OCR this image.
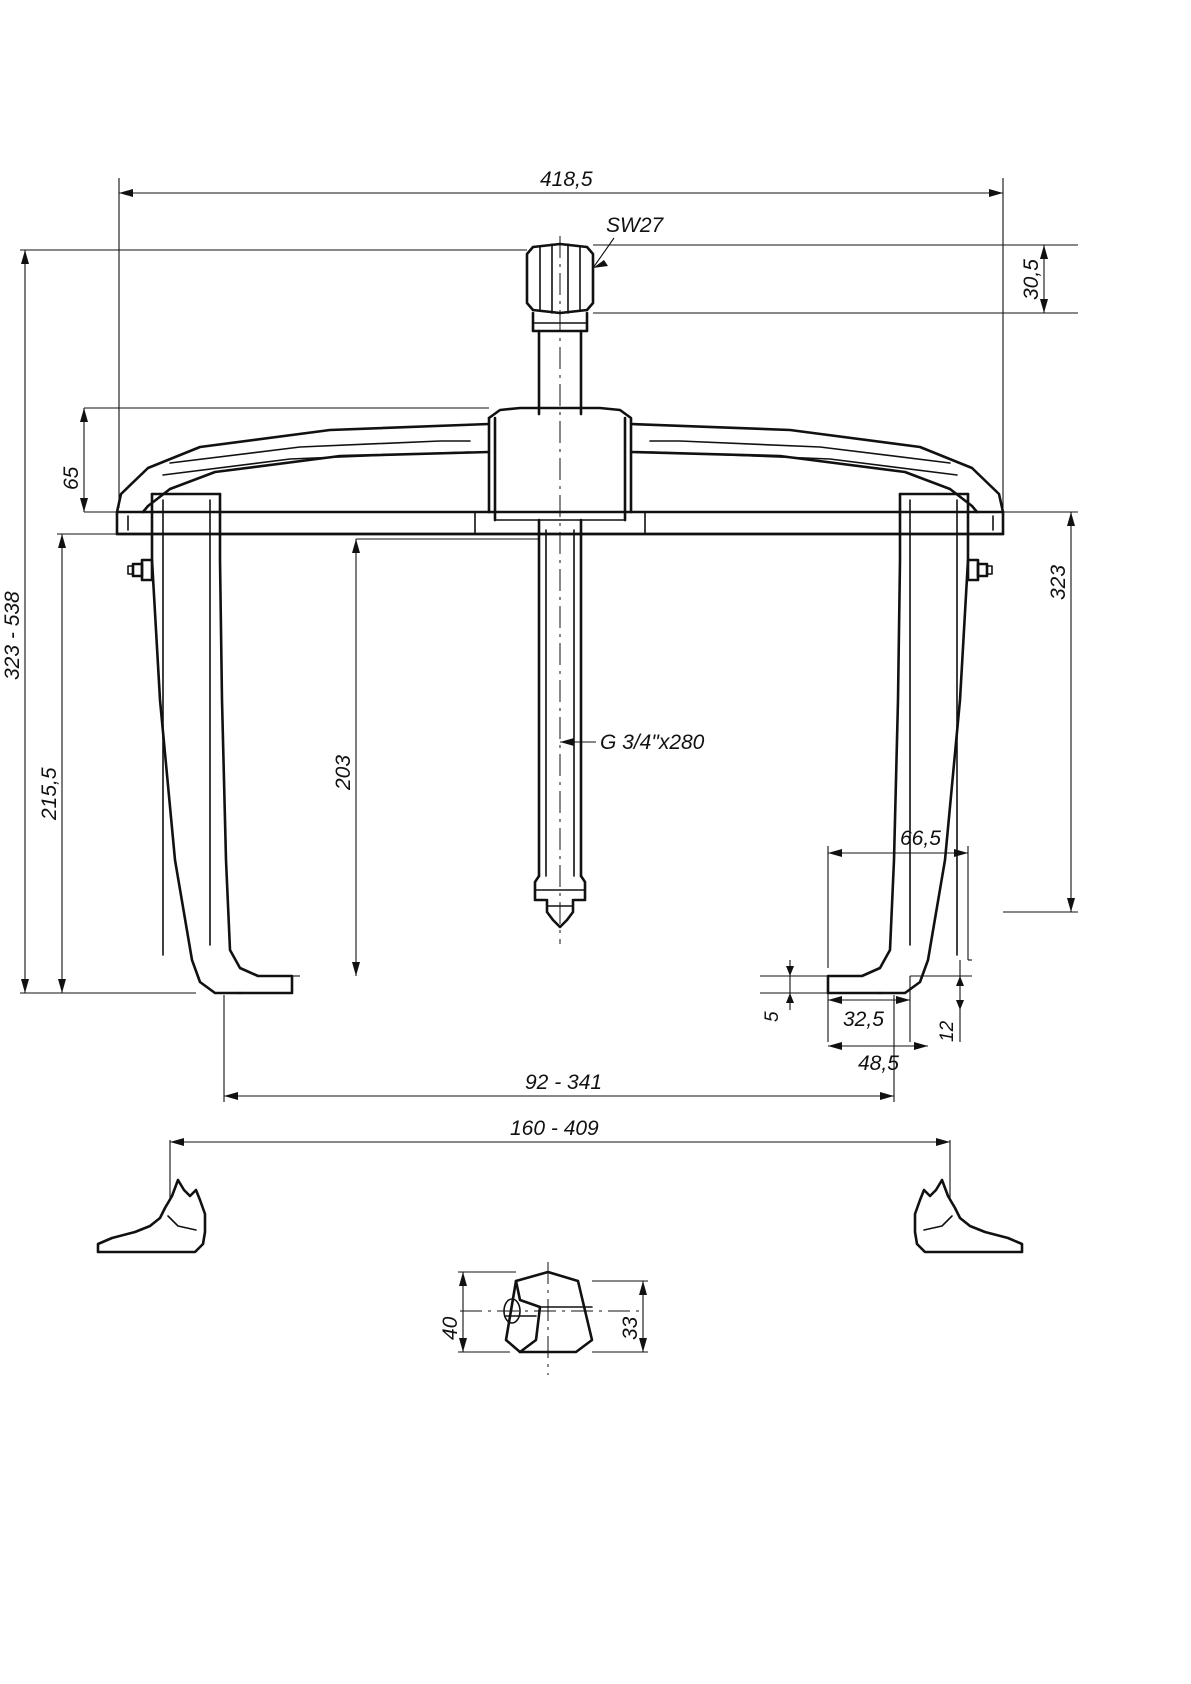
418,5
SW27
30,5
65
323 - 538
215,5	203
G 3/4"x280
323
66,5
5	32,5
12
48,5
92 - 341
160 - 409
40	33
